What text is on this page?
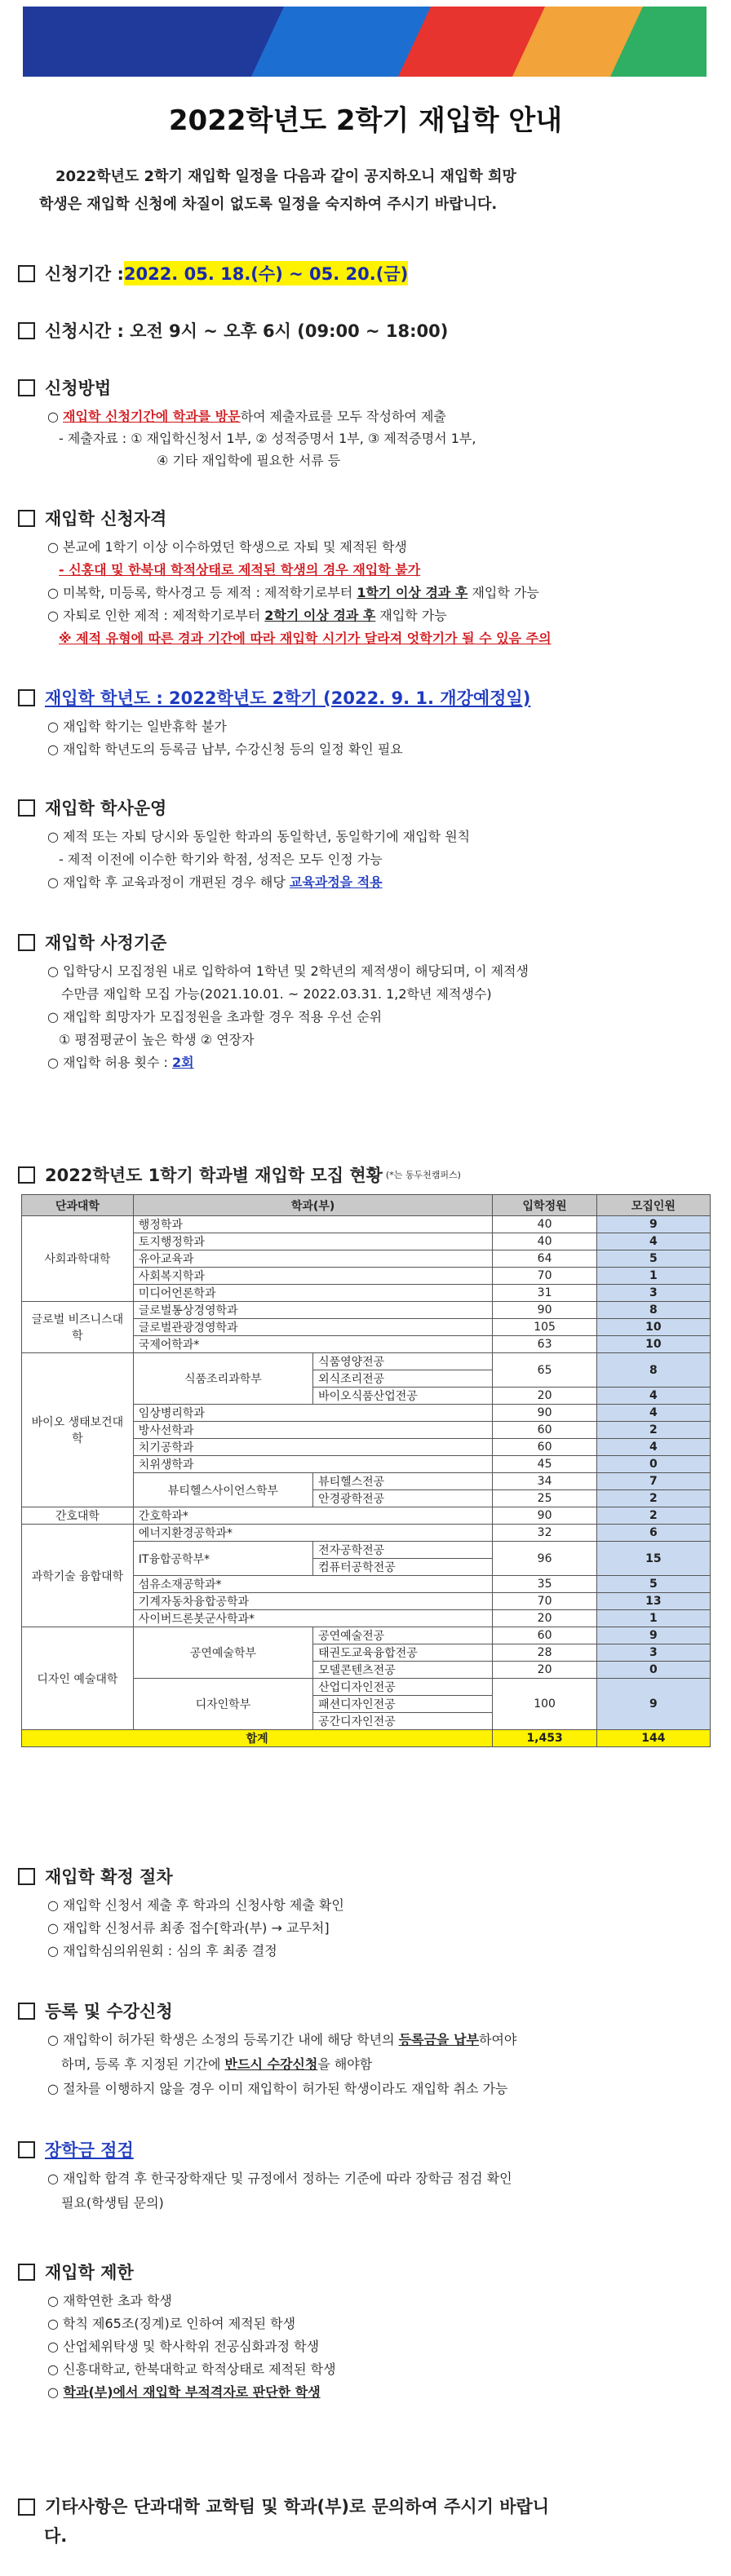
2022학년도 2학기 재입학 안내
2022학년도 2학기 재입학 일정을 다음과 같이 공지하오니 재입학 희망
학생은 재입학 신청에 차질이 없도록 일정을 숙지하여 주시기 바랍니다.
신청기간 : 2022. 05. 18.(수) ~ 05. 20.(금)
신청시간 : 오전 9시 ~ 오후 6시 (09:00 ~ 18:00)
신청방법
○ 재입학 신청기간에 학과를 방문하여 제출자료를 모두 작성하여 제출
- 제출자료 : ① 재입학신청서 1부, ② 성적증명서 1부, ③ 제적증명서 1부,
④ 기타 재입학에 필요한 서류 등
재입학 신청자격
○ 본교에 1학기 이상 이수하였던 학생으로 자퇴 및 제적된 학생
- 신홍대 및 한북대 학적상태로 제적된 학생의 경우 재입학 불가
○ 미복학, 미등록, 학사경고 등 제적 : 제적학기로부터 1학기 이상 경과 후 재입학 가능
○ 자퇴로 인한 제적 : 제적학기로부터 2학기 이상 경과 후 재입학 가능
※ 제적 유형에 따른 경과 기간에 따라 재입학 시기가 달라져 엇학기가 될 수 있음 주의
재입학 학년도 : 2022학년도 2학기 (2022. 9. 1. 개강예정일)
○ 재입학 학기는 일반휴학 불가
○ 재입학 학년도의 등록금 납부, 수강신청 등의 일정 확인 필요
재입학 학사운영
○ 제적 또는 자퇴 당시와 동일한 학과의 동일학년, 동일학기에 재입학 원칙
- 제적 이전에 이수한 학기와 학점, 성적은 모두 인정 가능
○ 재입학 후 교육과정이 개편된 경우 해당 교육과정을 적용
재입학 사정기준
○ 입학당시 모집정원 내로 입학하여 1학년 및 2학년의 제적생이 해당되며, 이 제적생
수만큼 재입학 모집 가능(2021.10.01. ~ 2022.03.31. 1,2학년 제적생수)
○ 재입학 희망자가 모집정원을 초과할 경우 적용 우선 순위
① 평점평균이 높은 학생 ② 연장자
○ 재입학 허용 횟수 : 2회
2022학년도 1학기 학과별 재입학 모집 현황 (*는 동두천캠퍼스)
단과대학	학과(부)		입학정원	모집인원
사회과학대학	행정학과		40	9
	토지행정학과		40	4
	유아교육과		64	5
	사회복지학과		70	1
	미디어언론학과		31	3
글로벌 비즈니스대학	글로벌통상경영학과		90	8
	글로벌관광경영학과		105	10
	국제어학과*		63	10
바이오 생태보건대학	식품조리과학부	식품영양전공	65	8
		외식조리전공		
		바이오식품산업전공	20	4
	임상병리학과		90	4
	방사선학과		60	2
	치기공학과		60	4
	치위생학과		45	0
	뷰티헬스사이언스학부	뷰티헬스전공	34	7
		안경광학전공	25	2
간호대학	간호학과*		90	2
과학기술 융합대학	에너지환경공학과*		32	6
	IT융합공학부*	전자공학전공	96	15
		컴퓨터공학전공		
	섬유소재공학과*		35	5
	기계자동차융합공학과		70	13
	사이버드론봇군사학과*		20	1
디자인 예술대학	공연예술학부	공연예술전공	60	9
		태권도교육융합전공	28	3
		모델콘텐츠전공	20	0
	디자인학부	산업디자인전공	100	9
		패션디자인전공		
		공간디자인전공		
합계			1,453	144
재입학 확정 절차
○ 재입학 신청서 제출 후 학과의 신청사항 제출 확인
○ 재입학 신청서류 최종 접수[학과(부) → 교무처]
○ 재입학심의위원회 : 심의 후 최종 결정
등록 및 수강신청
○ 재입학이 허가된 학생은 소정의 등록기간 내에 해당 학년의 등록금을 납부하여야
하며, 등록 후 지정된 기간에 반드시 수강신청을 해야함
○ 절차를 이행하지 않을 경우 이미 재입학이 허가된 학생이라도 재입학 취소 가능
장학금 점검
○ 재입학 합격 후 한국장학재단 및 규정에서 정하는 기준에 따라 장학금 점검 확인
필요(학생팀 문의)
재입학 제한
○ 재학연한 초과 학생
○ 학칙 제65조(징계)로 인하여 제적된 학생
○ 산업체위탁생 및 학사학위 전공심화과정 학생
○ 신흥대학교, 한북대학교 학적상태로 제적된 학생
○ 학과(부)에서 재입학 부적격자로 판단한 학생
기타사항은 단과대학 교학팀 및 학과(부)로 문의하여 주시기 바랍니
다.
